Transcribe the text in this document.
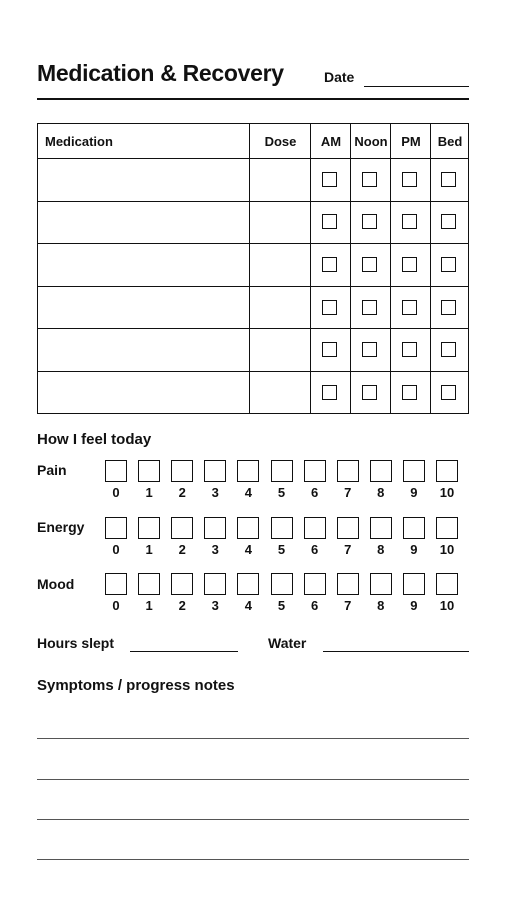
Medication & Recovery	Date
Medication	Dose	AM	Noon	PM	Bed
How I feel today
Pain
0	1	2	3	4	5	6	7	8	9	10
Energy
0	1	2	3	4	5	6	7	8	9	10
Mood
0	1	2	3	4	5	6	7	8	9	10
Hours slept	Water
Symptoms / progress notes
